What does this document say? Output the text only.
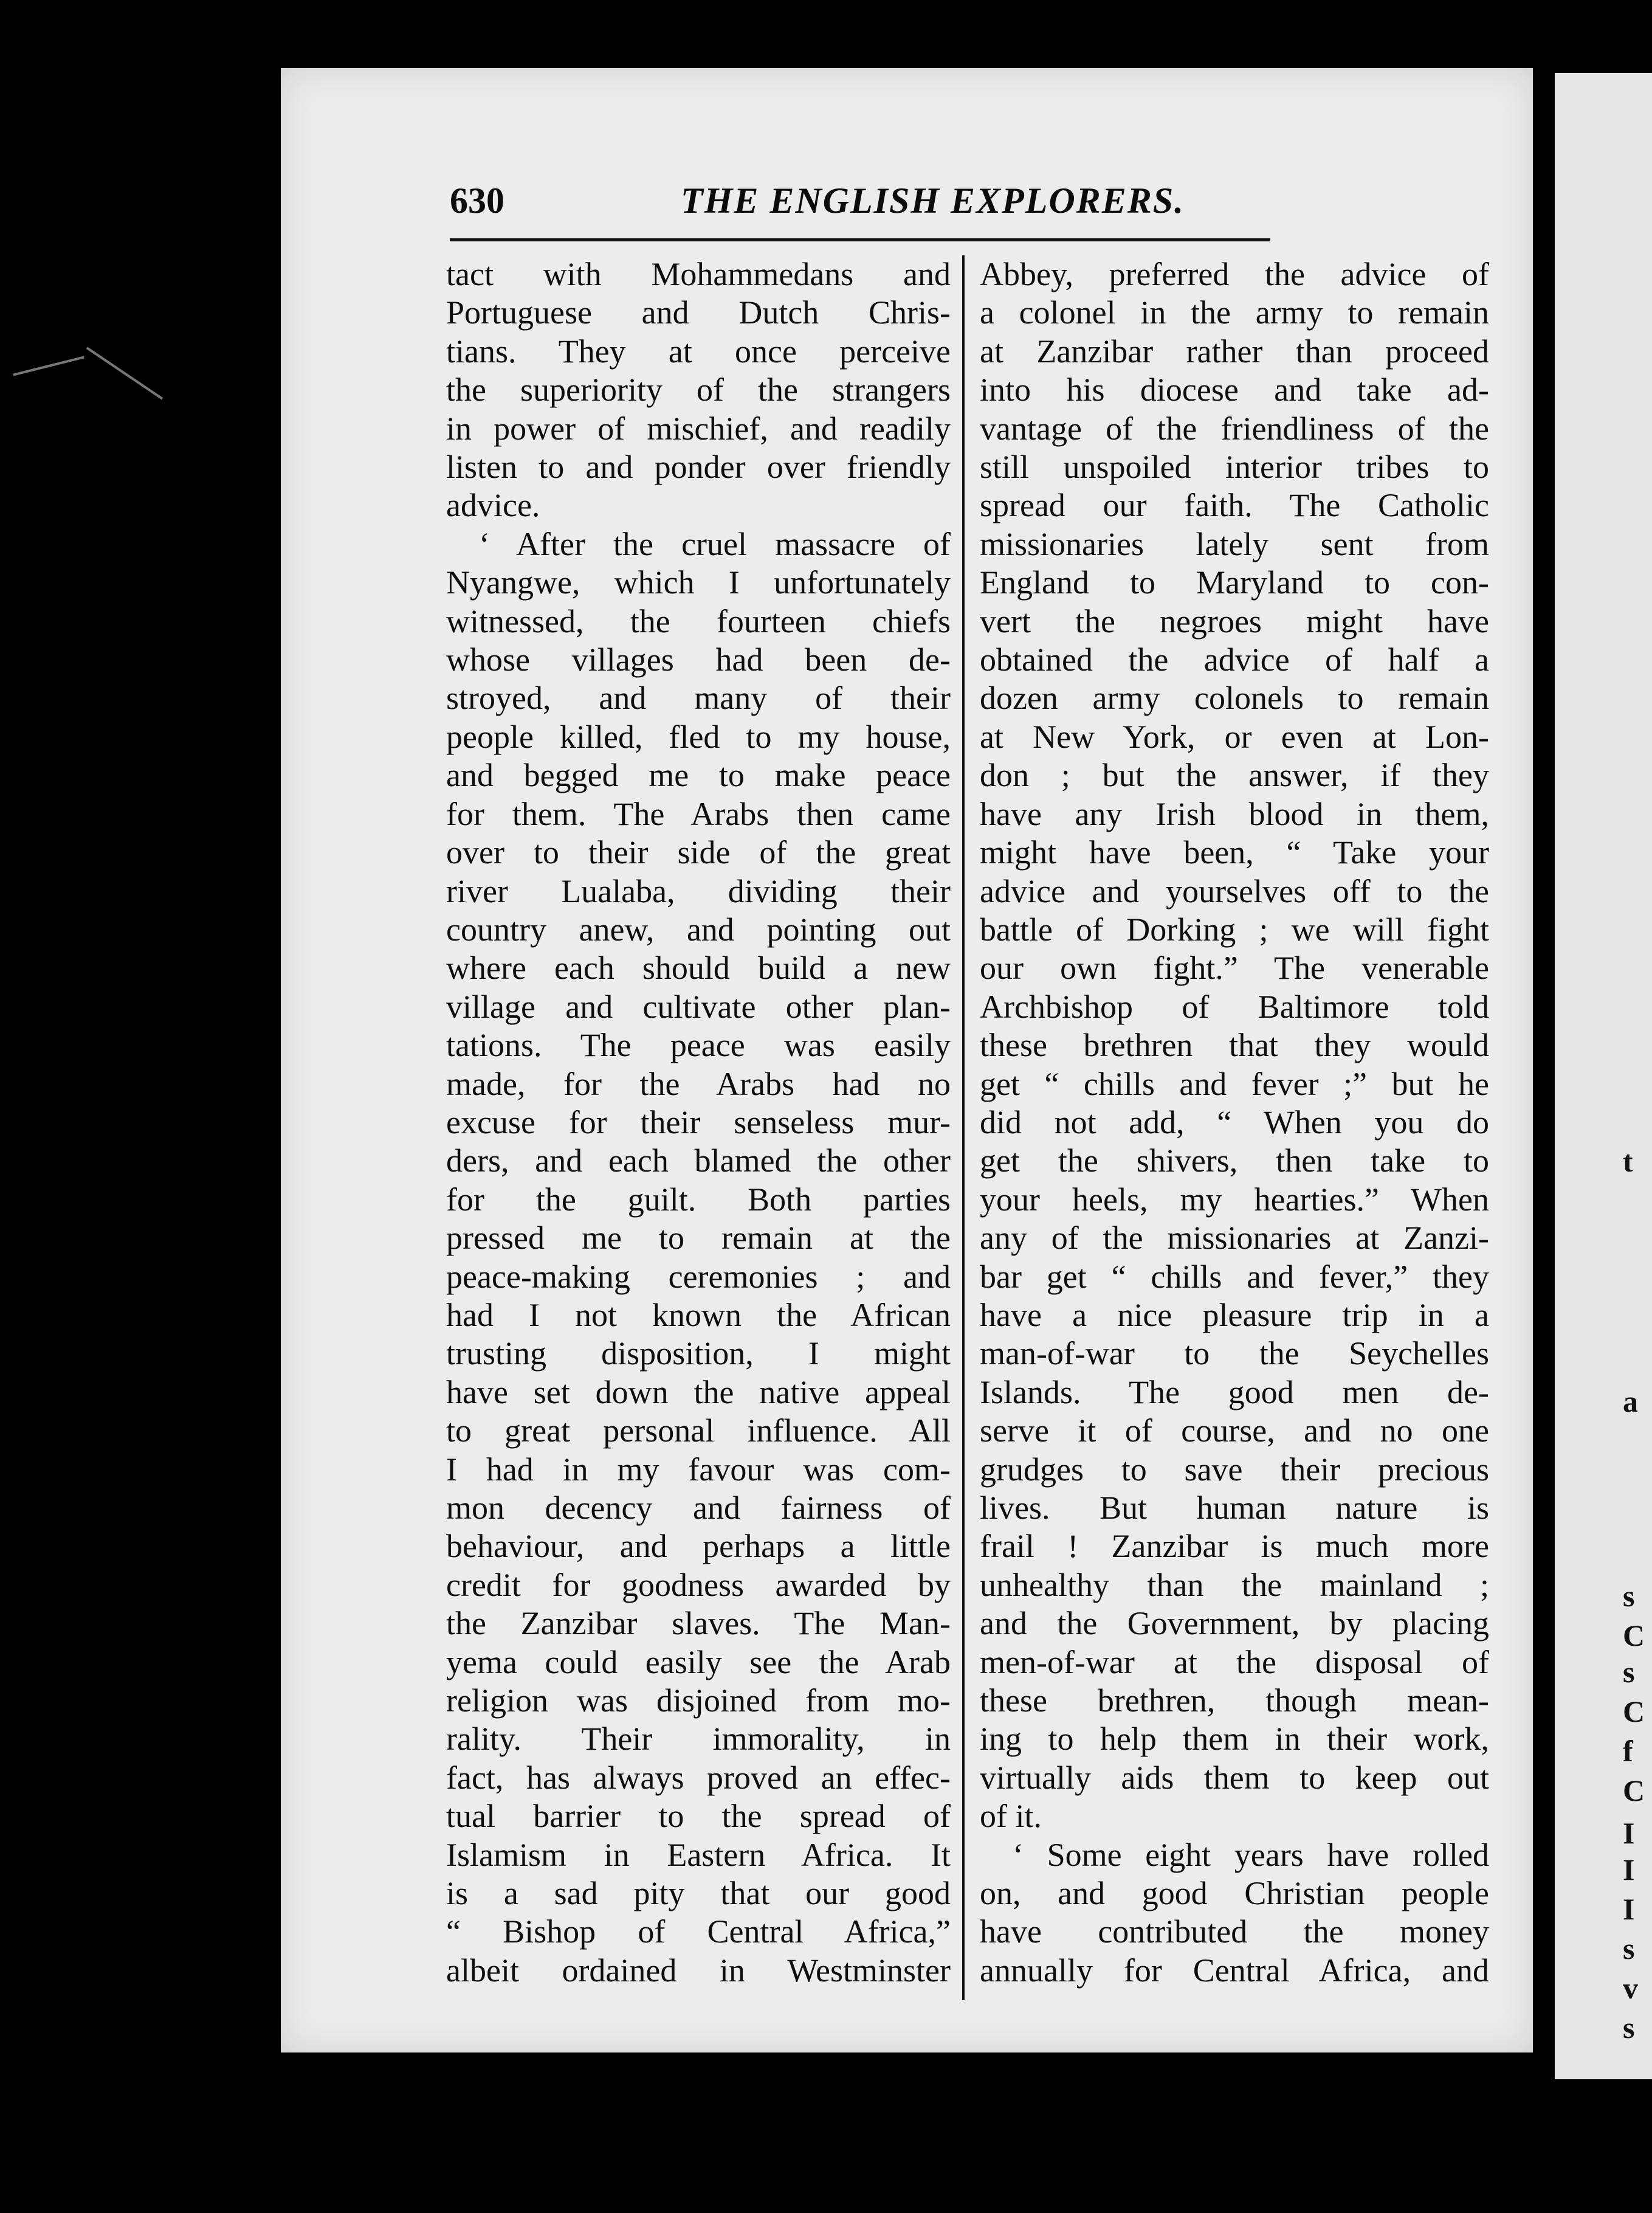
t
a
s
C
s
C
f
C
I
I
I
s
v
s
630	THE ENGLISH EXPLORERS.
tact with Mohammedans and
Portuguese and Dutch Chris-
tians. They at once perceive
the superiority of the strangers
in power of mischief, and readily
listen to and ponder over friendly
advice.
‘ After the cruel massacre of
Nyangwe, which I unfortunately
witnessed, the fourteen chiefs
whose villages had been de-
stroyed, and many of their
people killed, fled to my house,
and begged me to make peace
for them. The Arabs then came
over to their side of the great
river Lualaba, dividing their
country anew, and pointing out
where each should build a new
village and cultivate other plan-
tations. The peace was easily
made, for the Arabs had no
excuse for their senseless mur-
ders, and each blamed the other
for the guilt. Both parties
pressed me to remain at the
peace-making ceremonies ; and
had I not known the African
trusting disposition, I might
have set down the native appeal
to great personal influence. All
I had in my favour was com-
mon decency and fairness of
behaviour, and perhaps a little
credit for goodness awarded by
the Zanzibar slaves. The Man-
yema could easily see the Arab
religion was disjoined from mo-
rality. Their immorality, in
fact, has always proved an effec-
tual barrier to the spread of
Islamism in Eastern Africa. It
is a sad pity that our good
“ Bishop of Central Africa,”
albeit ordained in Westminster
Abbey, preferred the advice of
a colonel in the army to remain
at Zanzibar rather than proceed
into his diocese and take ad-
vantage of the friendliness of the
still unspoiled interior tribes to
spread our faith. The Catholic
missionaries lately sent from
England to Maryland to con-
vert the negroes might have
obtained the advice of half a
dozen army colonels to remain
at New York, or even at Lon-
don ; but the answer, if they
have any Irish blood in them,
might have been, “ Take your
advice and yourselves off to the
battle of Dorking ; we will fight
our own fight.” The venerable
Archbishop of Baltimore told
these brethren that they would
get “ chills and fever ;” but he
did not add, “ When you do
get the shivers, then take to
your heels, my hearties.” When
any of the missionaries at Zanzi-
bar get “ chills and fever,” they
have a nice pleasure trip in a
man-of-war to the Seychelles
Islands. The good men de-
serve it of course, and no one
grudges to save their precious
lives. But human nature is
frail ! Zanzibar is much more
unhealthy than the mainland ;
and the Government, by placing
men-of-war at the disposal of
these brethren, though mean-
ing to help them in their work,
virtually aids them to keep out
of it.
‘ Some eight years have rolled
on, and good Christian people
have contributed the money
annually for Central Africa, and
